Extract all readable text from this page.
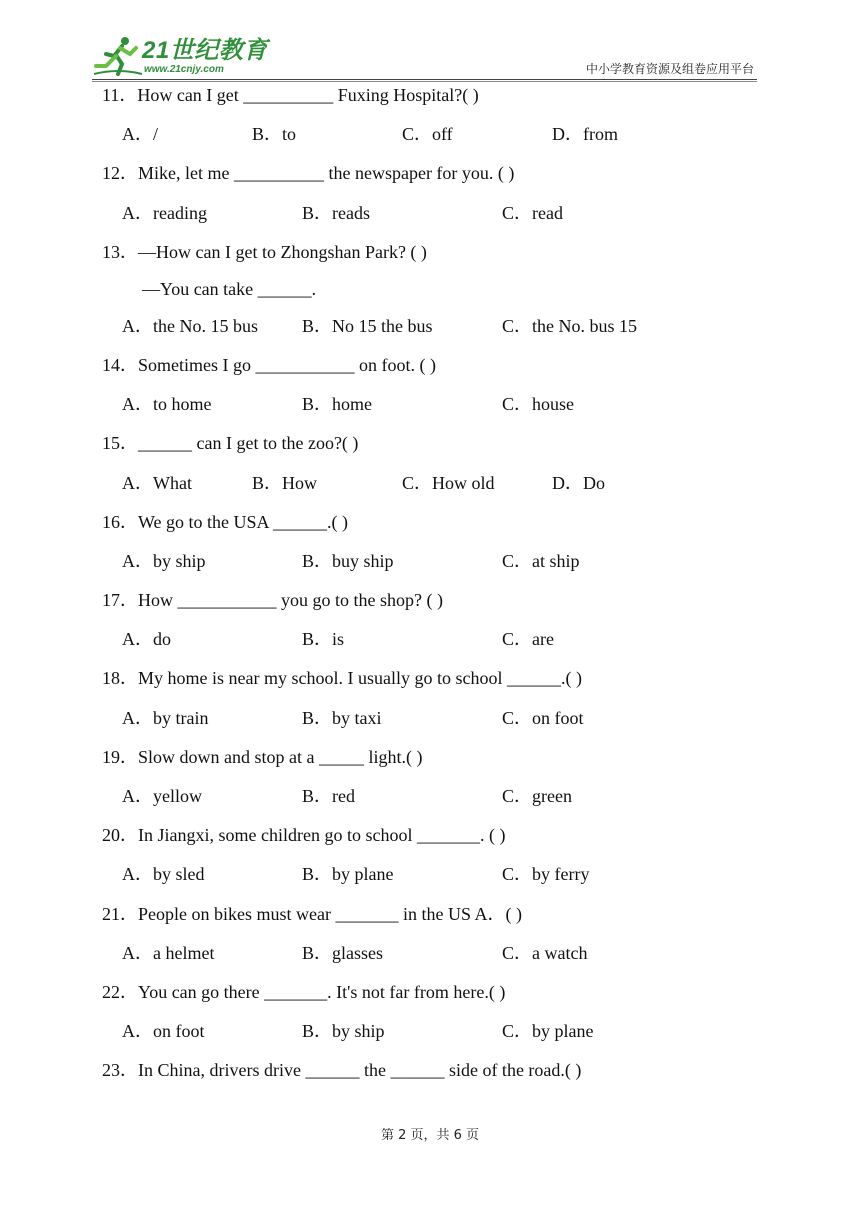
21世纪教育
www.21cnjy.com	中小学教育资源及组卷应用平台
11．How can I get __________ Fuxing Hospital?( )
A．/	B．to	C．off	D．from
12．Mike, let me __________ the newspaper for you. ( )
A．reading	B．reads	C．read
13．—How can I get to Zhongshan Park? ( )
—You can take ______.
A．the No. 15 bus B．No 15 the bus	C．the No. bus 15
14．Sometimes I go ___________ on foot. ( )
A．to home	B．home	C．house
15．______ can I get to the zoo?( )
A．What	B．How	C．How old	D．Do
16．We go to the USA ______.( )
A．by ship	B．buy ship	C．at ship
17．How ___________ you go to the shop? ( )
A．do	B．is	C．are
18．My home is near my school. I usually go to school ______.( )
A．by train	B．by taxi	C．on foot
19．Slow down and stop at a _____ light.( )
A．yellow	B．red	C．green
20．In Jiangxi, some children go to school _______. ( )
A．by sled	B．by plane	C．by ferry
21．People on bikes must wear _______ in the US A．( )
A．a helmet	B．glasses	C．a watch
22．You can go there _______. It's not far from here.( )
A．on foot	B．by ship	C．by plane
23．In China, drivers drive ______ the ______ side of the road.( )
第 2 页，共 6 页
